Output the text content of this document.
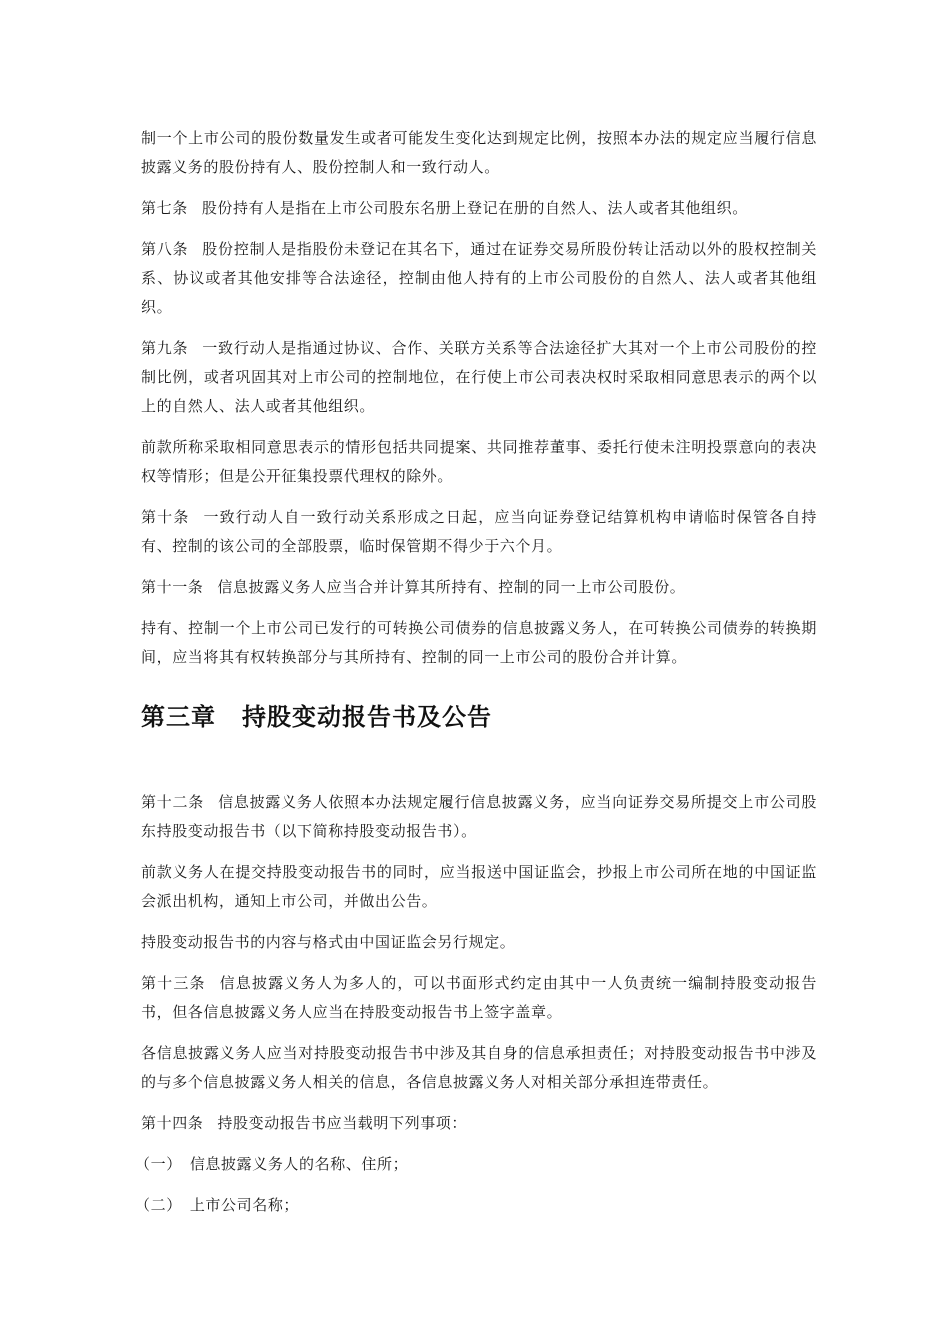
制一个上市公司的股份数量发生或者可能发生变化达到规定比例，按照本办法的规定应当履行信息披露义务的股份持有人、股份控制人和一致行动人。

第七条 股份持有人是指在上市公司股东名册上登记在册的自然人、法人或者其他组织。

第八条 股份控制人是指股份未登记在其名下，通过在证券交易所股份转让活动以外的股权控制关系、协议或者其他安排等合法途径，控制由他人持有的上市公司股份的自然人、法人或者其他组织。

第九条 一致行动人是指通过协议、合作、关联方关系等合法途径扩大其对一个上市公司股份的控制比例，或者巩固其对上市公司的控制地位，在行使上市公司表决权时采取相同意思表示的两个以上的自然人、法人或者其他组织。

前款所称采取相同意思表示的情形包括共同提案、共同推荐董事、委托行使未注明投票意向的表决权等情形；但是公开征集投票代理权的除外。

第十条 一致行动人自一致行动关系形成之日起，应当向证券登记结算机构申请临时保管各自持有、控制的该公司的全部股票，临时保管期不得少于六个月。

第十一条 信息披露义务人应当合并计算其所持有、控制的同一上市公司股份。

持有、控制一个上市公司已发行的可转换公司债券的信息披露义务人，在可转换公司债券的转换期间，应当将其有权转换部分与其所持有、控制的同一上市公司的股份合并计算。

第三章 持股变动报告书及公告

第十二条 信息披露义务人依照本办法规定履行信息披露义务，应当向证券交易所提交上市公司股东持股变动报告书（以下简称持股变动报告书）。

前款义务人在提交持股变动报告书的同时，应当报送中国证监会，抄报上市公司所在地的中国证监会派出机构，通知上市公司，并做出公告。

持股变动报告书的内容与格式由中国证监会另行规定。

第十三条 信息披露义务人为多人的，可以书面形式约定由其中一人负责统一编制持股变动报告书，但各信息披露义务人应当在持股变动报告书上签字盖章。

各信息披露义务人应当对持股变动报告书中涉及其自身的信息承担责任；对持股变动报告书中涉及的与多个信息披露义务人相关的信息，各信息披露义务人对相关部分承担连带责任。

第十四条 持股变动报告书应当载明下列事项：

（一） 信息披露义务人的名称、住所；

（二） 上市公司名称；
